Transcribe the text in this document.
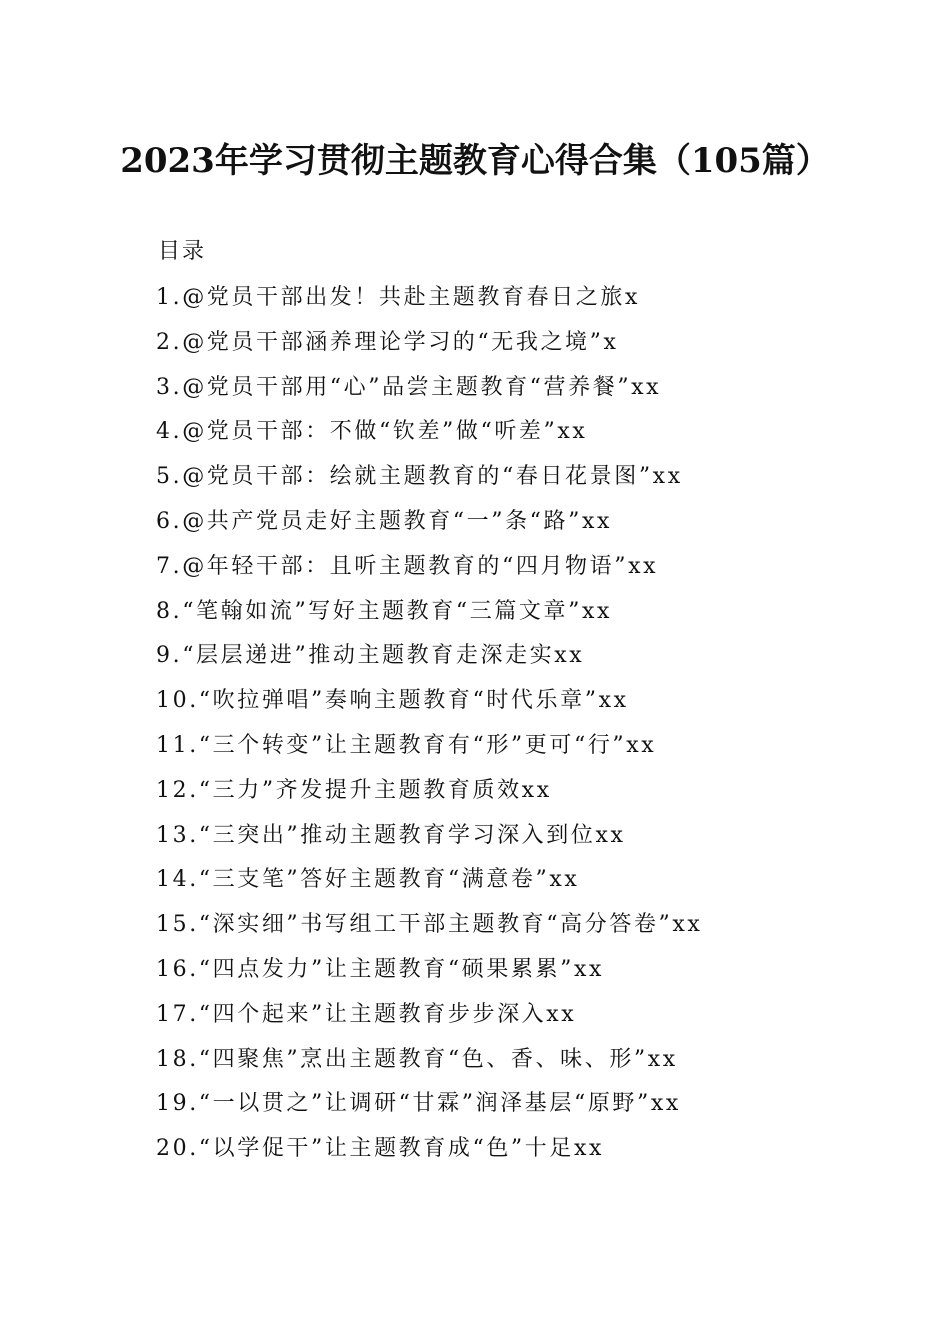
2023年学习贯彻主题教育心得合集（105篇）
目录
1.@党员干部出发！共赴主题教育春日之旅x
2.@党员干部涵养理论学习的“无我之境”x
3.@党员干部用“心”品尝主题教育“营养餐”xx
4.@党员干部：不做“钦差”做“听差”xx
5.@党员干部：绘就主题教育的“春日花景图”xx
6.@共产党员走好主题教育“一”条“路”xx
7.@年轻干部：且听主题教育的“四月物语”xx
8.“笔翰如流”写好主题教育“三篇文章”xx
9.“层层递进”推动主题教育走深走实xx
10.“吹拉弹唱”奏响主题教育“时代乐章”xx
11.“三个转变”让主题教育有“形”更可“行”xx
12.“三力”齐发提升主题教育质效xx
13.“三突出”推动主题教育学习深入到位xx
14.“三支笔”答好主题教育“满意卷”xx
15.“深实细”书写组工干部主题教育“高分答卷”xx
16.“四点发力”让主题教育“硕果累累”xx
17.“四个起来”让主题教育步步深入xx
18.“四聚焦”烹出主题教育“色、香、味、形”xx
19.“一以贯之”让调研“甘霖”润泽基层“原野”xx
20.“以学促干”让主题教育成“色”十足xx
